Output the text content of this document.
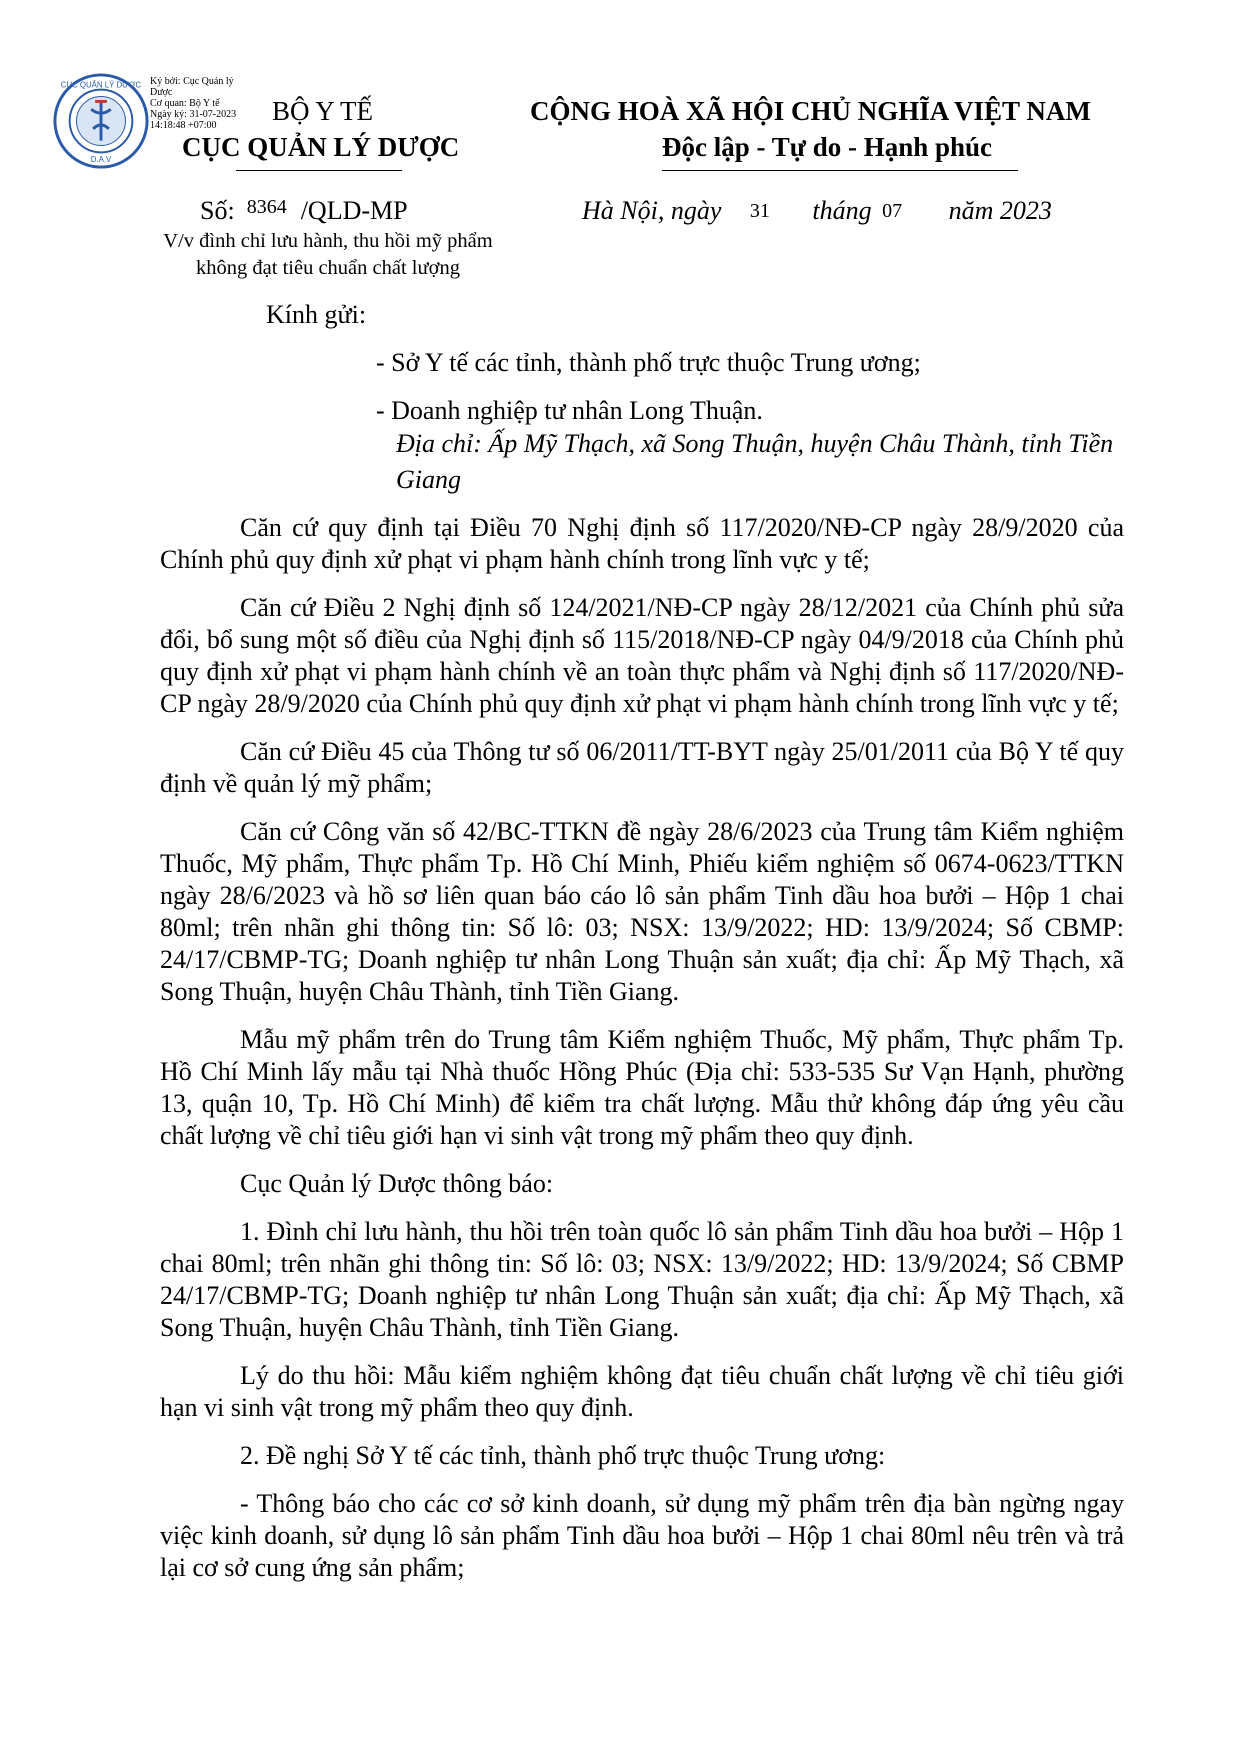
CỤC QUẢN LÝ DƯỢC
D.A.V
Ký bởi: Cục Quản lý Dược
Cơ quan: Bộ Y tế
Ngày ký: 31-07-2023 14:18:48 +07:00	BỘ Y TẾ
CỤC QUẢN LÝ DƯỢC
CỘNG HOÀ XÃ HỘI CHỦ NGHĨA VIỆT NAM
Độc lập - Tự do - Hạnh phúc
Số: $^{8364}$ /QLD-MP
V/v đình chỉ lưu hành, thu hồi mỹ phẩm không đạt tiêu chuẩn chất lượng
Hà Nội, ngày 31 tháng 07 năm 2023
Kính gửi:
- Sở Y tế các tỉnh, thành phố trực thuộc Trung ương;
- Doanh nghiệp tư nhân Long Thuận.
Địa chỉ: Ấp Mỹ Thạch, xã Song Thuận, huyện Châu Thành, tỉnh Tiền Giang

Căn cứ quy định tại Điều 70 Nghị định số 117/2020/NĐ-CP ngày 28/9/2020 của Chính phủ quy định xử phạt vi phạm hành chính trong lĩnh vực y tế;

Căn cứ Điều 2 Nghị định số 124/2021/NĐ-CP ngày 28/12/2021 của Chính phủ sửa đổi, bổ sung một số điều của Nghị định số 115/2018/NĐ-CP ngày 04/9/2018 của Chính phủ quy định xử phạt vi phạm hành chính về an toàn thực phẩm và Nghị định số 117/2020/NĐ-CP ngày 28/9/2020 của Chính phủ quy định xử phạt vi phạm hành chính trong lĩnh vực y tế;

Căn cứ Điều 45 của Thông tư số 06/2011/TT-BYT ngày 25/01/2011 của Bộ Y tế quy định về quản lý mỹ phẩm;

Căn cứ Công văn số 42/BC-TTKN đề ngày 28/6/2023 của Trung tâm Kiểm nghiệm Thuốc, Mỹ phẩm, Thực phẩm Tp. Hồ Chí Minh, Phiếu kiểm nghiệm số 0674-0623/TTKN ngày 28/6/2023 và hồ sơ liên quan báo cáo lô sản phẩm Tinh dầu hoa bưởi – Hộp 1 chai 80ml; trên nhãn ghi thông tin: Số lô: 03; NSX: 13/9/2022; HD: 13/9/2024; Số CBMP: 24/17/CBMP-TG; Doanh nghiệp tư nhân Long Thuận sản xuất; địa chỉ: Ấp Mỹ Thạch, xã Song Thuận, huyện Châu Thành, tỉnh Tiền Giang.

Mẫu mỹ phẩm trên do Trung tâm Kiểm nghiệm Thuốc, Mỹ phẩm, Thực phẩm Tp. Hồ Chí Minh lấy mẫu tại Nhà thuốc Hồng Phúc (Địa chỉ: 533-535 Sư Vạn Hạnh, phường 13, quận 10, Tp. Hồ Chí Minh) để kiểm tra chất lượng. Mẫu thử không đáp ứng yêu cầu chất lượng về chỉ tiêu giới hạn vi sinh vật trong mỹ phẩm theo quy định.

Cục Quản lý Dược thông báo:

1. Đình chỉ lưu hành, thu hồi trên toàn quốc lô sản phẩm Tinh dầu hoa bưởi – Hộp 1 chai 80ml; trên nhãn ghi thông tin: Số lô: 03; NSX: 13/9/2022; HD: 13/9/2024; Số CBMP 24/17/CBMP-TG; Doanh nghiệp tư nhân Long Thuận sản xuất; địa chỉ: Ấp Mỹ Thạch, xã Song Thuận, huyện Châu Thành, tỉnh Tiền Giang.

Lý do thu hồi: Mẫu kiểm nghiệm không đạt tiêu chuẩn chất lượng về chỉ tiêu giới hạn vi sinh vật trong mỹ phẩm theo quy định.

2. Đề nghị Sở Y tế các tỉnh, thành phố trực thuộc Trung ương:

- Thông báo cho các cơ sở kinh doanh, sử dụng mỹ phẩm trên địa bàn ngừng ngay việc kinh doanh, sử dụng lô sản phẩm Tinh dầu hoa bưởi – Hộp 1 chai 80ml nêu trên và trả lại cơ sở cung ứng sản phẩm;
